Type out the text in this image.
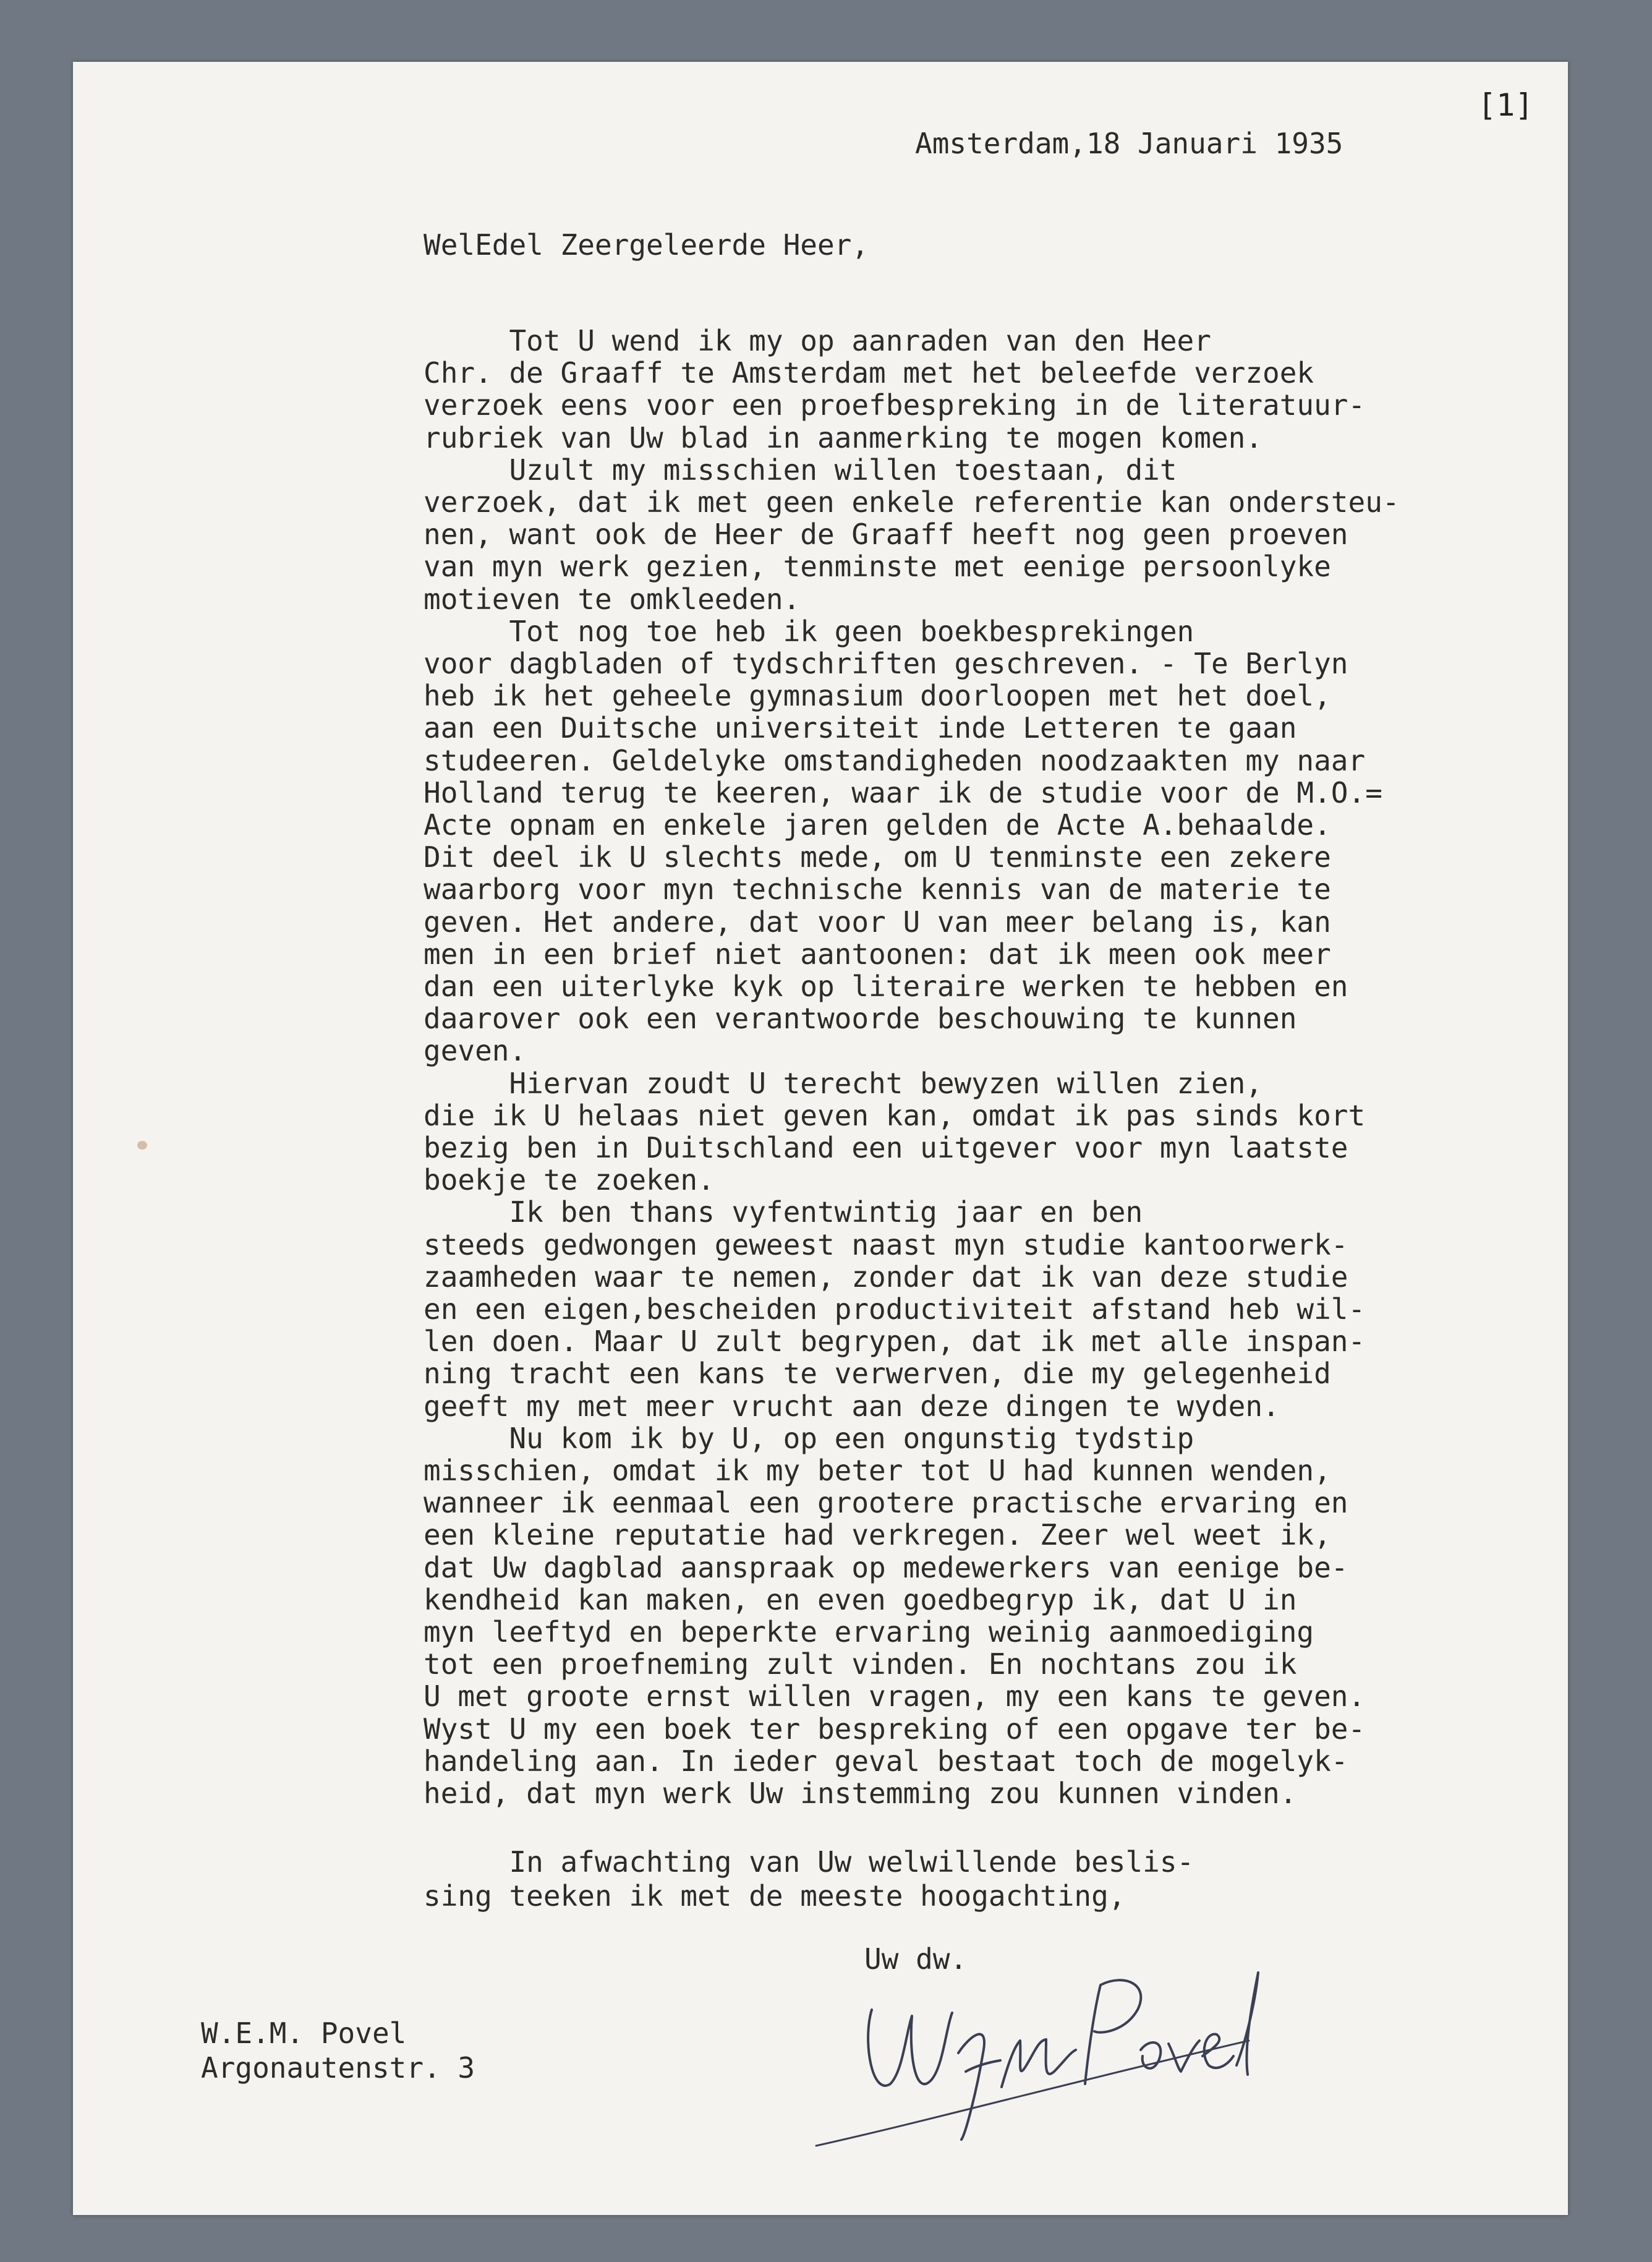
[1]
Amsterdam,18 Januari 1935
WelEdel Zeergeleerde Heer,
Tot U wend ik my op aanraden van den Heer
Chr. de Graaff te Amsterdam met het beleefde verzoek
verzoek eens voor een proefbespreking in de literatuur-
rubriek van Uw blad in aanmerking te mogen komen.
Uzult my misschien willen toestaan, dit
verzoek, dat ik met geen enkele referentie kan ondersteu-
nen, want ook de Heer de Graaff heeft nog geen proeven
van myn werk gezien, tenminste met eenige persoonlyke
motieven te omkleeden.
Tot nog toe heb ik geen boekbesprekingen
voor dagbladen of tydschriften geschreven. - Te Berlyn
heb ik het geheele gymnasium doorloopen met het doel,
aan een Duitsche universiteit inde Letteren te gaan
studeeren. Geldelyke omstandigheden noodzaakten my naar
Holland terug te keeren, waar ik de studie voor de M.O.=
Acte opnam en enkele jaren gelden de Acte A.behaalde.
Dit deel ik U slechts mede, om U tenminste een zekere
waarborg voor myn technische kennis van de materie te
geven. Het andere, dat voor U van meer belang is, kan
men in een brief niet aantoonen: dat ik meen ook meer
dan een uiterlyke kyk op literaire werken te hebben en
daarover ook een verantwoorde beschouwing te kunnen
geven.
Hiervan zoudt U terecht bewyzen willen zien,
die ik U helaas niet geven kan, omdat ik pas sinds kort
bezig ben in Duitschland een uitgever voor myn laatste
boekje te zoeken.
Ik ben thans vyfentwintig jaar en ben
steeds gedwongen geweest naast myn studie kantoorwerk-
zaamheden waar te nemen, zonder dat ik van deze studie
en een eigen,bescheiden productiviteit afstand heb wil-
len doen. Maar U zult begrypen, dat ik met alle inspan-
ning tracht een kans te verwerven, die my gelegenheid
geeft my met meer vrucht aan deze dingen te wyden.
Nu kom ik by U, op een ongunstig tydstip
misschien, omdat ik my beter tot U had kunnen wenden,
wanneer ik eenmaal een grootere practische ervaring en
een kleine reputatie had verkregen. Zeer wel weet ik,
dat Uw dagblad aanspraak op medewerkers van eenige be-
kendheid kan maken, en even goedbegryp ik, dat U in
myn leeftyd en beperkte ervaring weinig aanmoediging
tot een proefneming zult vinden. En nochtans zou ik
U met groote ernst willen vragen, my een kans te geven.
Wyst U my een boek ter bespreking of een opgave ter be-
handeling aan. In ieder geval bestaat toch de mogelyk-
heid, dat myn werk Uw instemming zou kunnen vinden.
In afwachting van Uw welwillende beslis-
sing teeken ik met de meeste hoogachting,
Uw dw.
W.E.M. Povel
Argonautenstr. 3
